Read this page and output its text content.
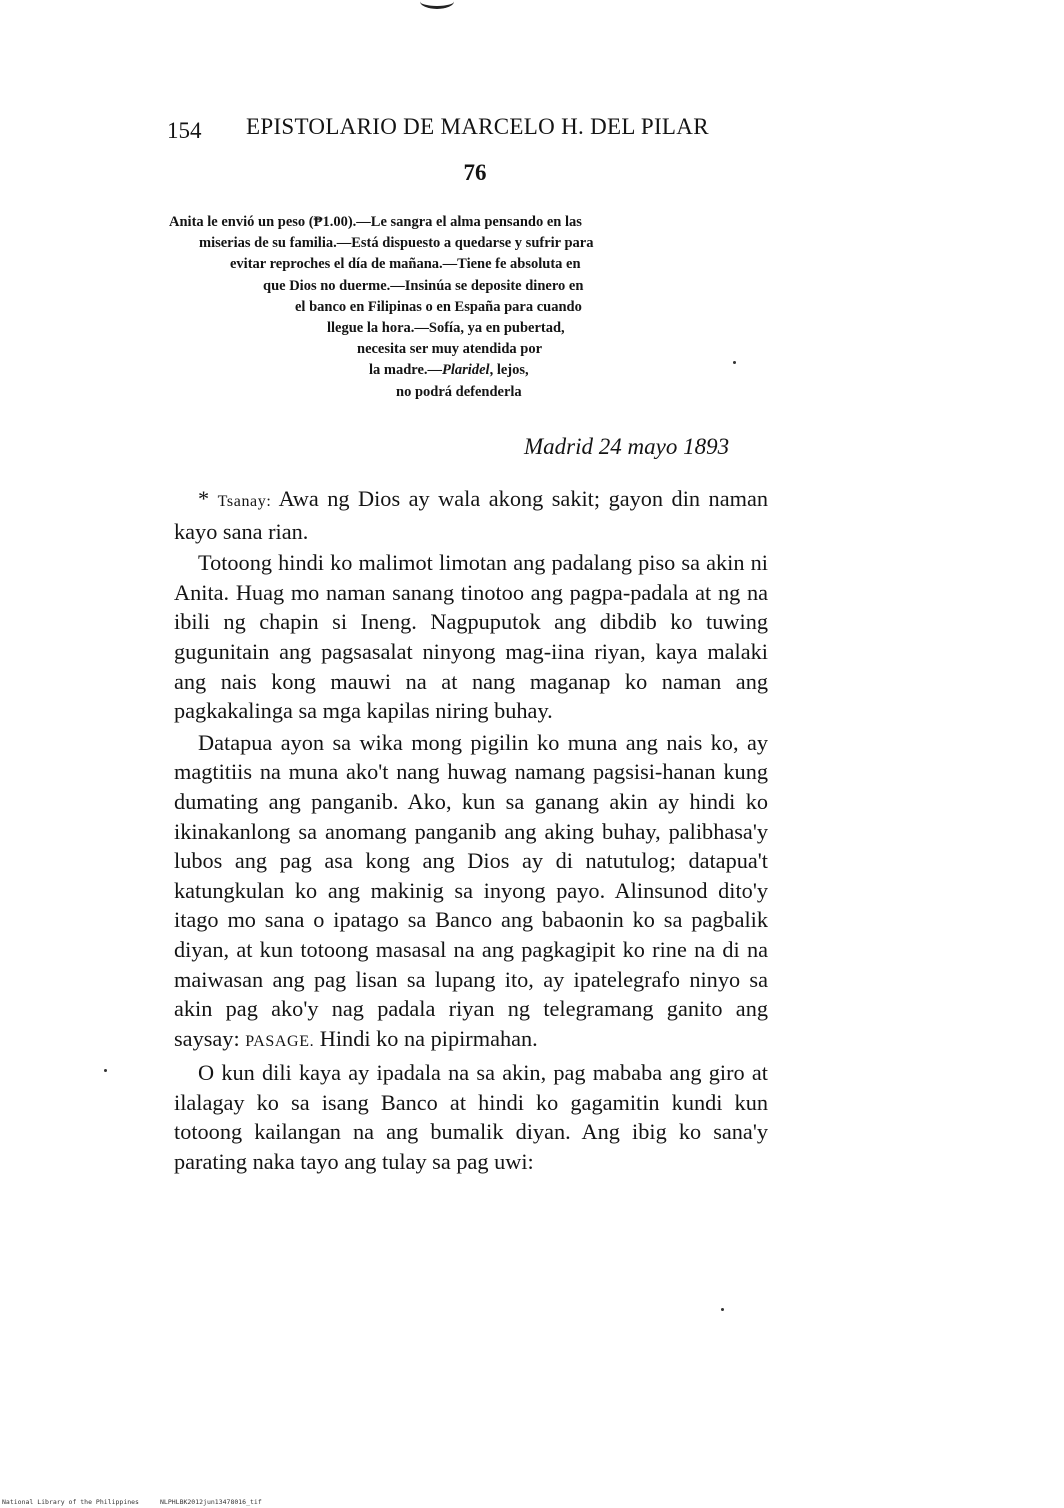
154 EPISTOLARIO DE MARCELO H. DEL PILAR
76
Anita le envió un peso (₱1.00).—Le sangra el alma pensando en las
miserias de su familia.—Está dispuesto a quedarse y sufrir para
evitar reproches el día de mañana.—Tiene fe absoluta en
que Dios no duerme.—Insinúa se deposite dinero en
el banco en Filipinas o en España para cuando
llegue la hora.—Sofía, ya en pubertad,
necesita ser muy atendida por
la madre.—Plaridel, lejos,
no podrá defenderla
Madrid 24 mayo 1893

* Tsanay: Awa ng Dios ay wala akong sakit; gayon din naman kayo sana rian.

Totoong hindi ko malimot limotan ang padalang piso sa akin ni Anita. Huag mo naman sanang tinotoo ang pagpa-padala at ng na ibili ng chapin si Ineng. Nagpuputok ang dibdib ko tuwing gugunitain ang pagsasalat ninyong mag-iina riyan, kaya malaki ang nais kong mauwi na at nang maganap ko naman ang pagkakalinga sa mga kapilas niring buhay.

Datapua ayon sa wika mong pigilin ko muna ang nais ko, ay magtitiis na muna ako't nang huwag namang pagsisi-hanan kung dumating ang panganib. Ako, kun sa ganang akin ay hindi ko ikinakanlong sa anomang panganib ang aking buhay, palibhasa'y lubos ang pag asa kong ang Dios ay di natutulog; datapua't katungkulan ko ang makinig sa inyong payo. Alinsunod dito'y itago mo sana o ipatago sa Banco ang babaonin ko sa pagbalik diyan, at kun totoong masasal na ang pagkagipit ko rine na di na maiwasan ang pag lisan sa lupang ito, ay ipatelegrafo ninyo sa akin pag ako'y nag padala riyan ng telegramang ganito ang saysay: PASAGE. Hindi ko na pipirmahan.

O kun dili kaya ay ipadala na sa akin, pag mababa ang giro at ilalagay ko sa isang Banco at hindi ko gagamitin kundi kun totoong kailangan na ang bumalik diyan. Ang ibig ko sana'y parating naka tayo ang tulay sa pag uwi:

National Library of the Philippines	NLPHLBK2012jun13478016_tif
